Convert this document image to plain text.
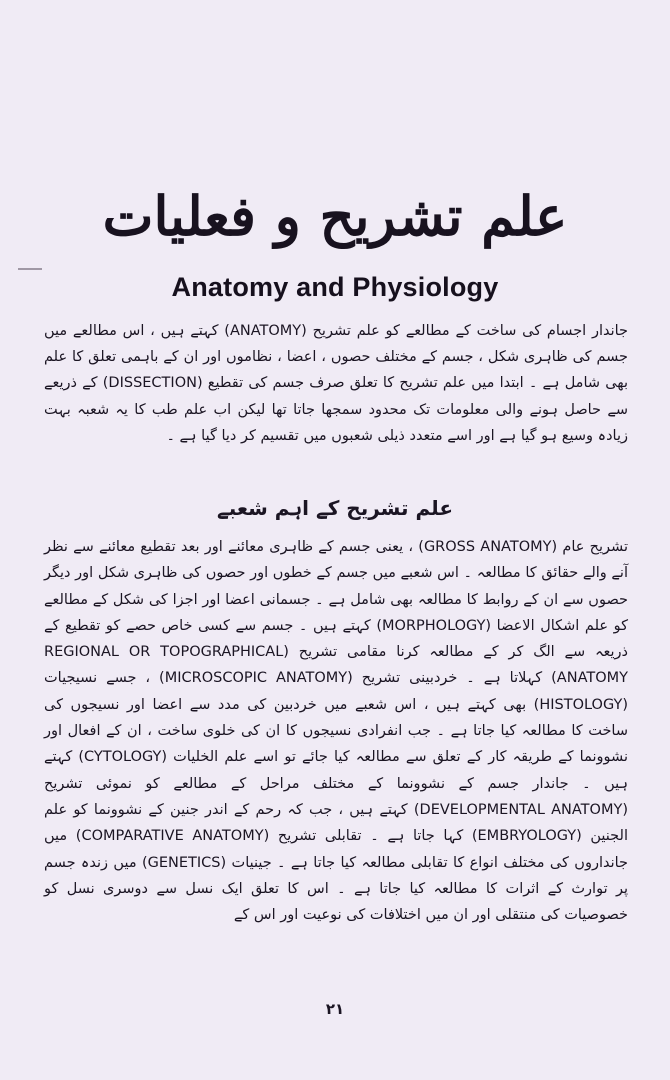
علم تشریح و فعلیات
Anatomy and Physiology

جاندار اجسام کی ساخت کے مطالعے کو علم تشریح (ANATOMY) کہتے ہیں ، اس مطالعے میں جسم کی ظاہری شکل ، جسم کے مختلف حصوں ، اعضا ، نظاموں اور ان کے باہمی تعلق کا علم بھی شامل ہے ۔ ابتدا میں علم تشریح کا تعلق صرف جسم کی تقطیع (DISSECTION) کے ذریعے سے حاصل ہونے والی معلومات تک محدود سمجھا جاتا تھا لیکن اب علم طب کا یہ شعبہ بہت زیادہ وسیع ہو گیا ہے اور اسے متعدد ذیلی شعبوں میں تقسیم کر دیا گیا ہے ۔

علم تشریح کے اہم شعبے

تشریح عام (GROSS ANATOMY) ، یعنی جسم کے ظاہری معائنے اور بعد تقطیع معائنے سے نظر آنے والے حقائق کا مطالعہ ۔ اس شعبے میں جسم کے خطوں اور حصوں کی ظاہری شکل اور دیگر حصوں سے ان کے روابط کا مطالعہ بھی شامل ہے ۔ جسمانی اعضا اور اجزا کی شکل کے مطالعے کو علم اشکال الاعضا (MORPHOLOGY) کہتے ہیں ۔ جسم سے کسی خاص حصے کو تقطیع کے ذریعہ سے الگ کر کے مطالعہ کرنا مقامی تشریح (REGIONAL OR TOPOGRAPHICAL ANATOMY) کہلاتا ہے ۔ خردبینی تشریح (MICROSCOPIC ANATOMY) ، جسے نسیجیات (HISTOLOGY) بھی کہتے ہیں ، اس شعبے میں خردبین کی مدد سے اعضا اور نسیجوں کی ساخت کا مطالعہ کیا جاتا ہے ۔ جب انفرادی نسیجوں کا ان کی خلوی ساخت ، ان کے افعال اور نشوونما کے طریقہ کار کے تعلق سے مطالعہ کیا جائے تو اسے علم الخلیات (CYTOLOGY) کہتے ہیں ۔ جاندار جسم کے نشوونما کے مختلف مراحل کے مطالعے کو نموئی تشریح (DEVELOPMENTAL ANATOMY) کہتے ہیں ، جب کہ رحم کے اندر جنین کے نشوونما کو علم الجنین (EMBRYOLOGY) کہا جاتا ہے ۔ تقابلی تشریح (COMPARATIVE ANATOMY) میں جانداروں کی مختلف انواع کا تقابلی مطالعہ کیا جاتا ہے ۔ جینیات (GENETICS) میں زندہ جسم پر توارث کے اثرات کا مطالعہ کیا جاتا ہے ۔ اس کا تعلق ایک نسل سے دوسری نسل کو خصوصیات کی منتقلی اور ان میں اختلافات کی نوعیت اور اس کے

۲۱
